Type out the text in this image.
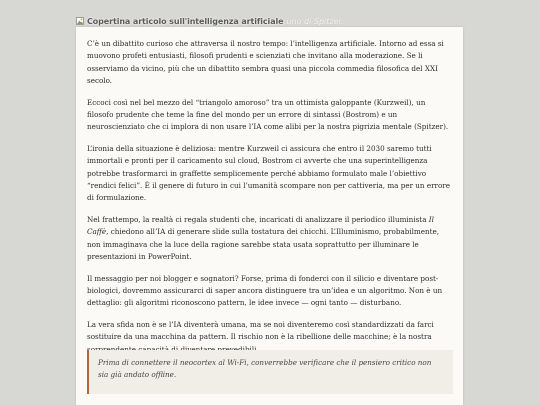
Copertina articolo sull'intelligenza artificiale uno di Spitzer.

C’è un dibattito curioso che attraversa il nostro tempo: l’intelligenza artificiale. Intorno ad essa si muovono profeti entusiasti, filosofi prudenti e scienziati che invitano alla moderazione. Se li osserviamo da vicino, più che un dibattito sembra quasi una piccola commedia filosofica del XXI secolo.

Eccoci così nel bel mezzo del “triangolo amoroso” tra un ottimista galoppante (Kurzweil), un filosofo prudente che teme la fine del mondo per un errore di sintassi (Bostrom) e un neuroscienziato che ci implora di non usare l’IA come alibi per la nostra pigrizia mentale (Spitzer).

L’ironia della situazione è deliziosa: mentre Kurzweil ci assicura che entro il 2030 saremo tutti immortali e pronti per il caricamento sul cloud, Bostrom ci avverte che una superintelligenza potrebbe trasformarci in graffette semplicemente perché abbiamo formulato male l’obiettivo “rendici felici”. È il genere di futuro in cui l’umanità scompare non per cattiveria, ma per un errore di formulazione.

Nel frattempo, la realtà ci regala studenti che, incaricati di analizzare il periodico illuminista Il Caffè, chiedono all’IA di generare slide sulla tostatura dei chicchi. L’Illuminismo, probabilmente, non immaginava che la luce della ragione sarebbe stata usata soprattutto per illuminare le presentazioni in PowerPoint.

Il messaggio per noi blogger e sognatori? Forse, prima di fonderci con il silicio e diventare post-biologici, dovremmo assicurarci di saper ancora distinguere tra un’idea e un algoritmo. Non è un dettaglio: gli algoritmi riconoscono pattern, le idee invece — ogni tanto — disturbano.

La vera sfida non è se l’IA diventerà umana, ma se noi diventeremo così standardizzati da farci sostituire da una macchina da pattern. Il rischio non è la ribellione delle macchine; è la nostra

Prima di connettere il neocortex al Wi-Fi, converrebbe verificare che il pensiero critico non sia già andato offline.
